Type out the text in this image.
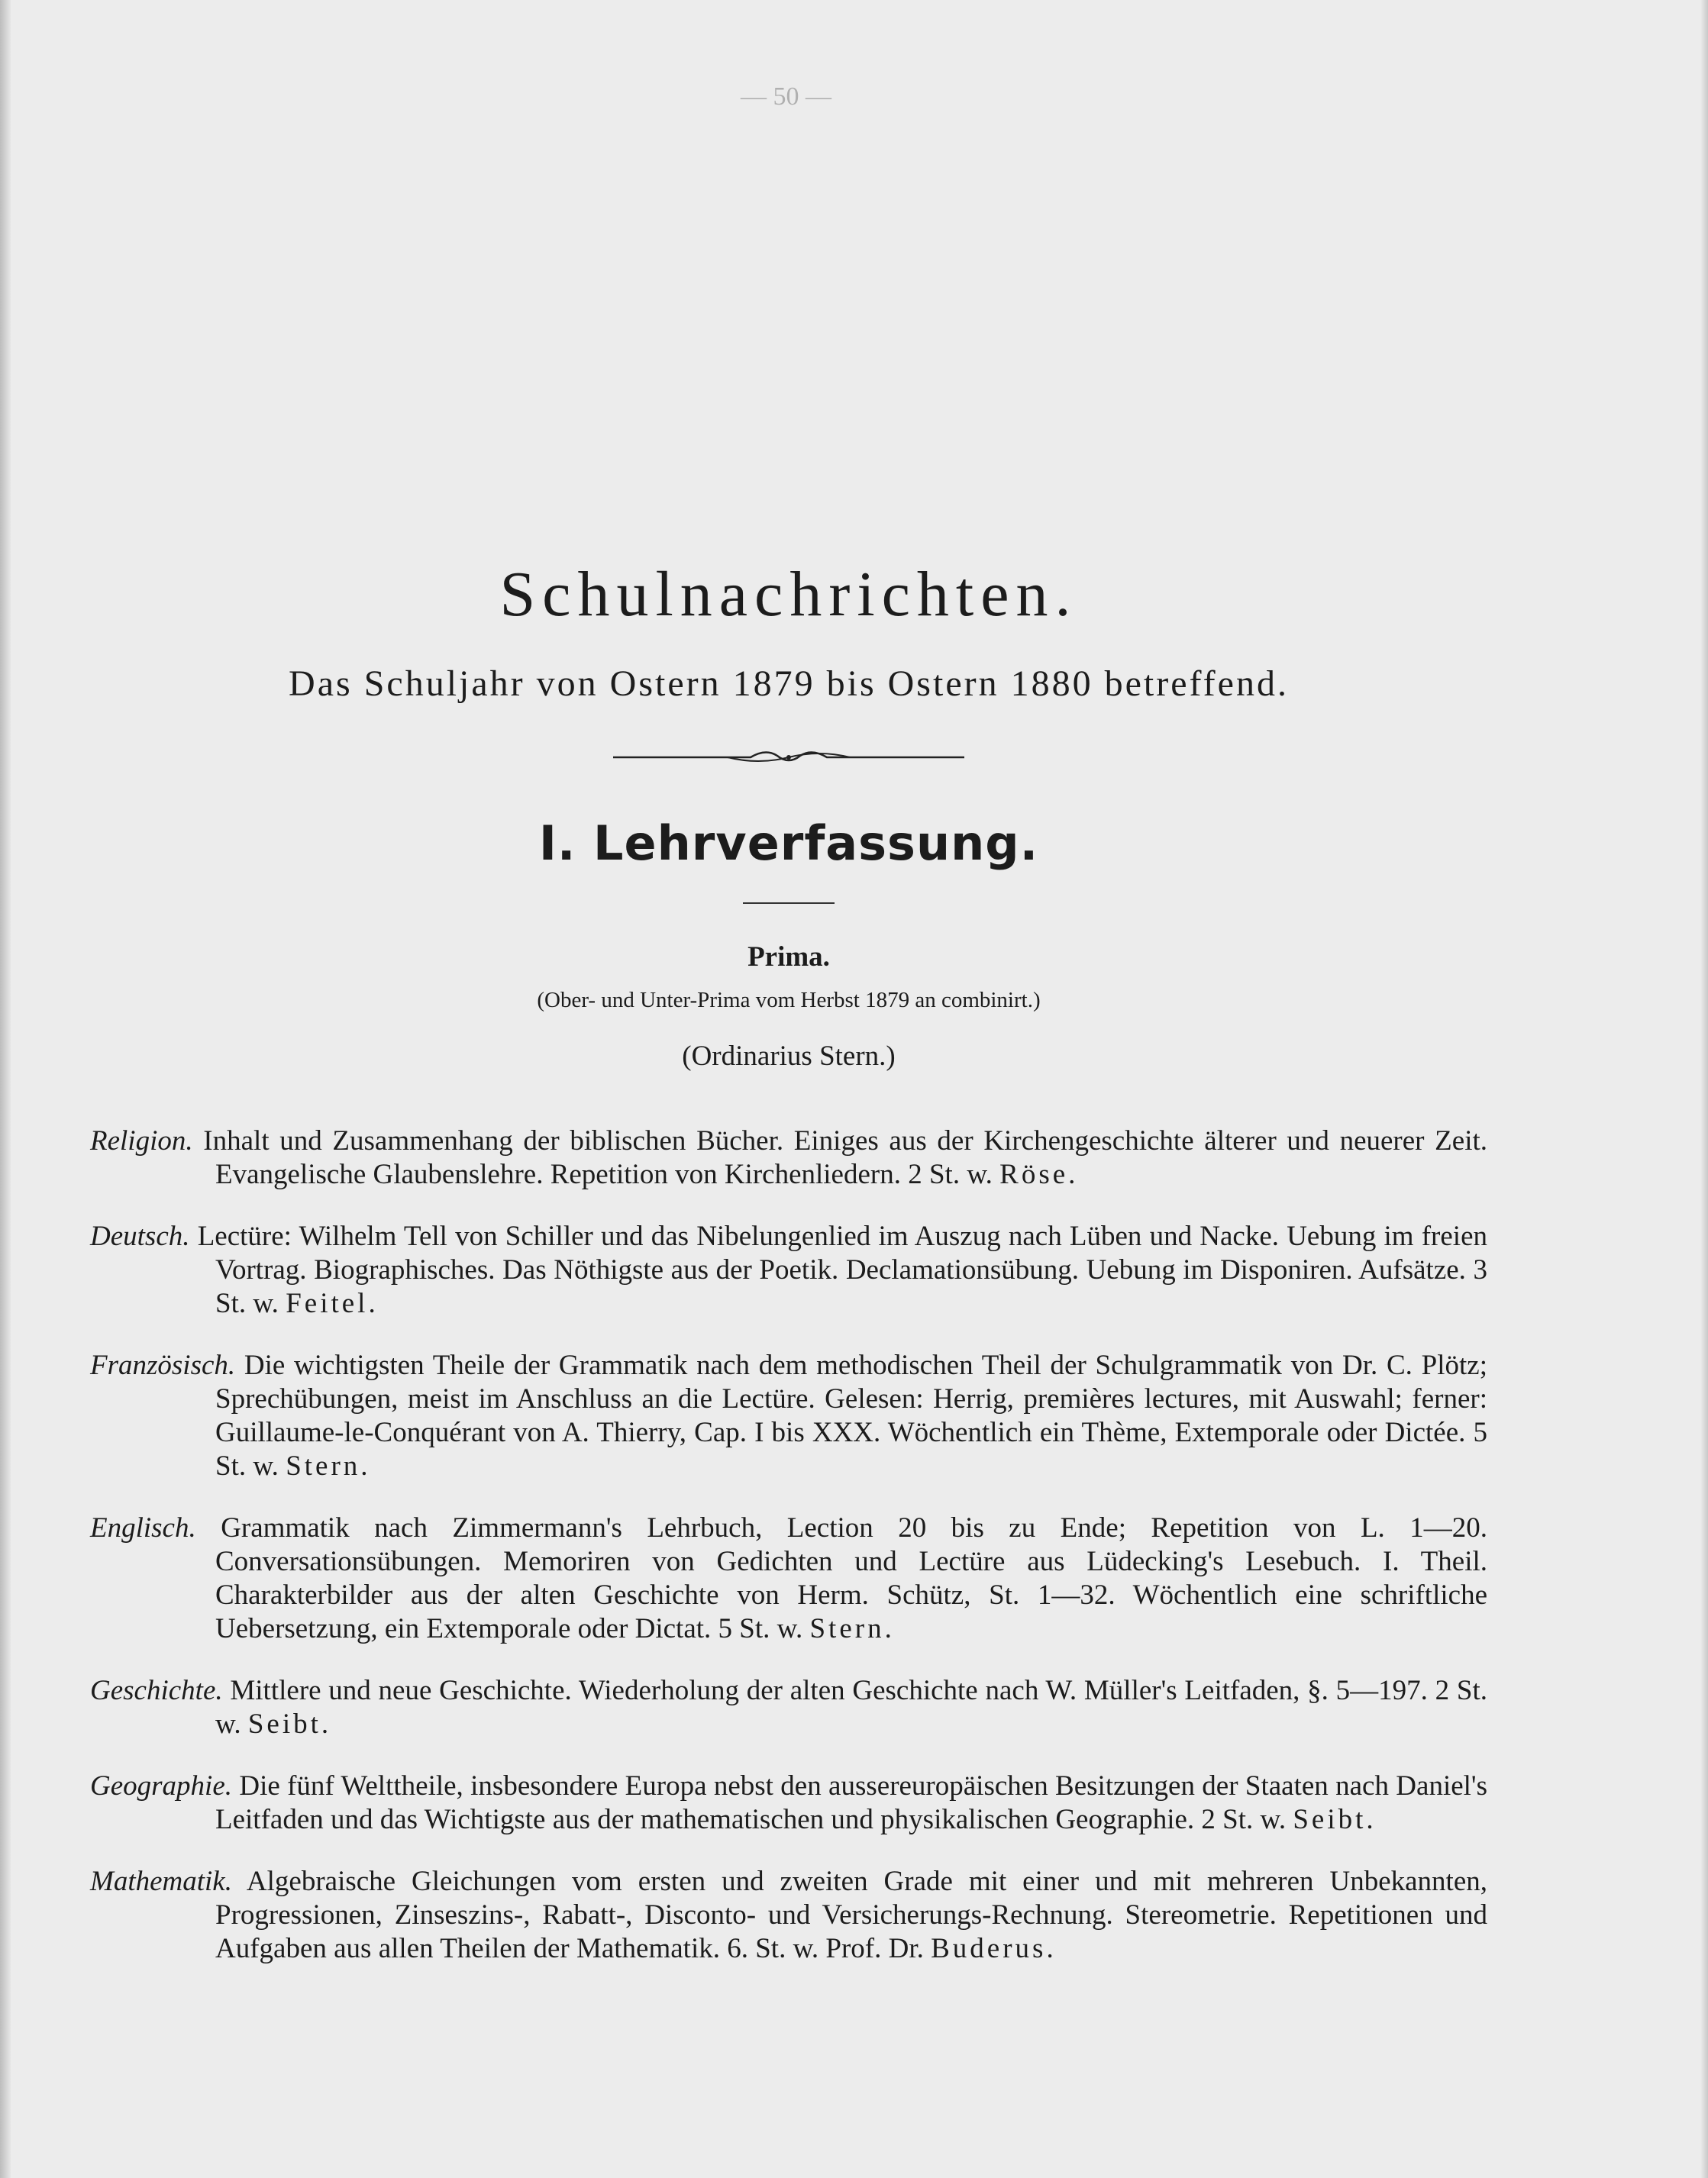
— 50 —
Schulnachrichten.
Das Schuljahr von Ostern 1879 bis Ostern 1880 betreffend.
I. Lehrverfassung.
Prima.
(Ober- und Unter-Prima vom Herbst 1879 an combinirt.)
(Ordinarius Stern.)

Religion. Inhalt und Zusammenhang der biblischen Bücher. Einiges aus der Kirchengeschichte älterer und neuerer Zeit. Evangelische Glaubenslehre. Repetition von Kirchenliedern. 2 St. w. Röse.

Deutsch. Lectüre: Wilhelm Tell von Schiller und das Nibelungenlied im Auszug nach Lüben und Nacke. Uebung im freien Vortrag. Biographisches. Das Nöthigste aus der Poetik. Declamationsübung. Uebung im Disponiren. Aufsätze. 3 St. w. Feitel.

Französisch. Die wichtigsten Theile der Grammatik nach dem methodischen Theil der Schulgrammatik von Dr. C. Plötz; Sprechübungen, meist im Anschluss an die Lectüre. Gelesen: Herrig, premières lectures, mit Auswahl; ferner: Guillaume-le-Conquérant von A. Thierry, Cap. I bis XXX. Wöchentlich ein Thème, Extemporale oder Dictée. 5 St. w. Stern.

Englisch. Grammatik nach Zimmermann's Lehrbuch, Lection 20 bis zu Ende; Repetition von L. 1—20. Conversationsübungen. Memoriren von Gedichten und Lectüre aus Lüdecking's Lesebuch. I. Theil. Charakterbilder aus der alten Geschichte von Herm. Schütz, St. 1—32. Wöchentlich eine schriftliche Uebersetzung, ein Extemporale oder Dictat. 5 St. w. Stern.

Geschichte. Mittlere und neue Geschichte. Wiederholung der alten Geschichte nach W. Müller's Leitfaden, §. 5—197. 2 St. w. Seibt.

Geographie. Die fünf Welttheile, insbesondere Europa nebst den aussereuropäischen Besitzungen der Staaten nach Daniel's Leitfaden und das Wichtigste aus der mathematischen und physikalischen Geographie. 2 St. w. Seibt.

Mathematik. Algebraische Gleichungen vom ersten und zweiten Grade mit einer und mit mehreren Unbekannten, Progressionen, Zinseszins-, Rabatt-, Disconto- und Versicherungs-Rechnung. Stereometrie. Repetitionen und Aufgaben aus allen Theilen der Mathematik. 6. St. w. Prof. Dr. Buderus.
